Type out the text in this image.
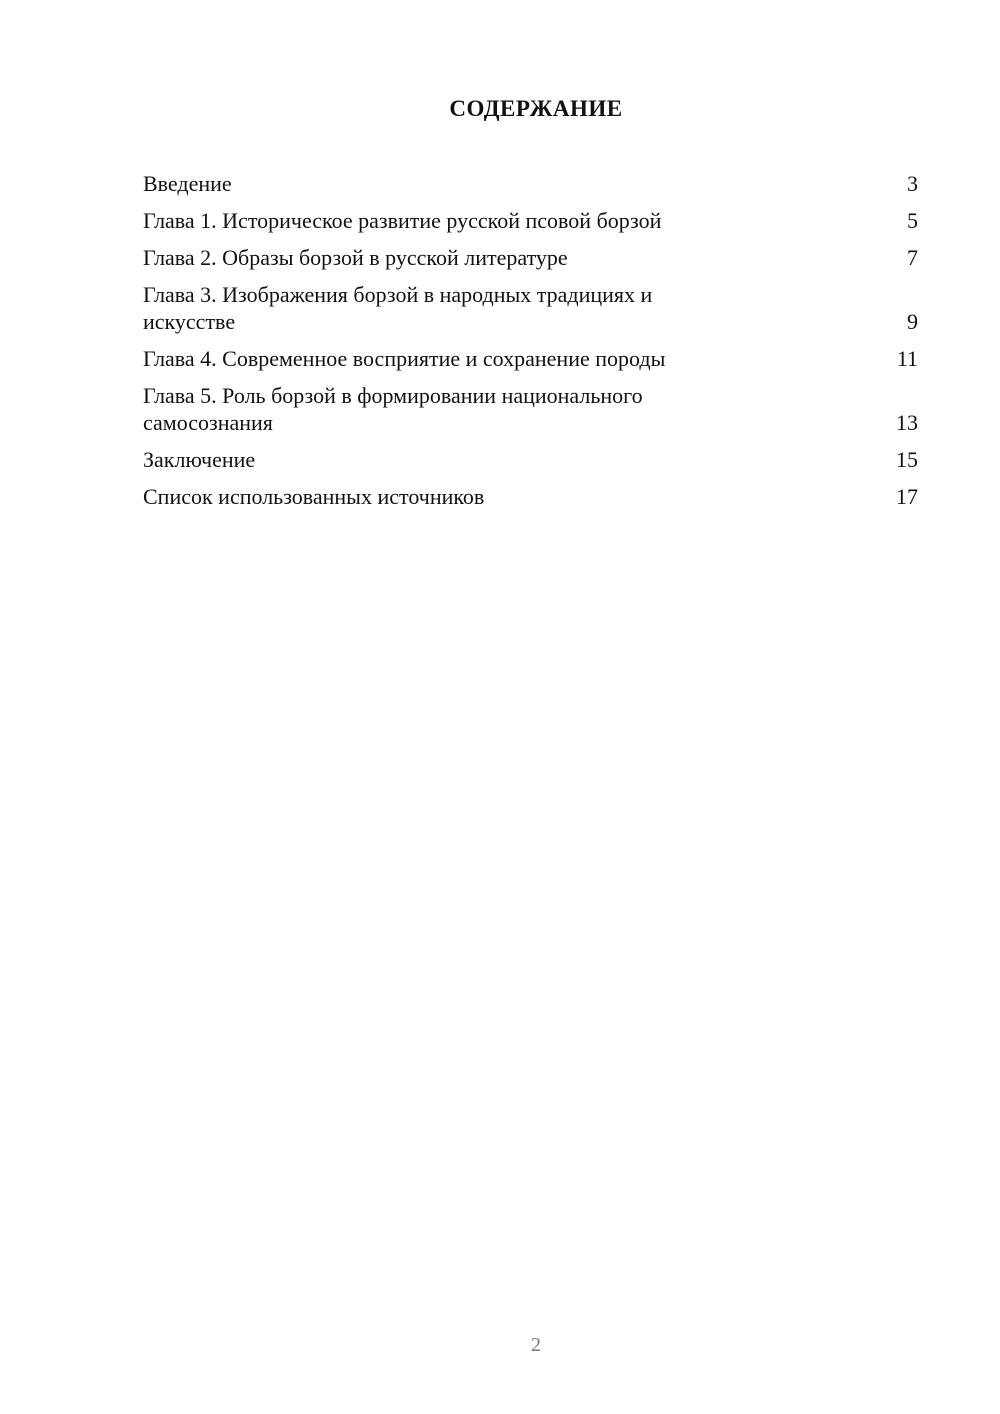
СОДЕРЖАНИЕ
Введение	3
Глава 1. Историческое развитие русской псовой борзой	5
Глава 2. Образы борзой в русской литературе	7
Глава 3. Изображения борзой в народных традициях и искусстве	9
Глава 4. Современное восприятие и сохранение породы	11
Глава 5. Роль борзой в формировании национального самосознания	13
Заключение	15
Список использованных источников	17
2
